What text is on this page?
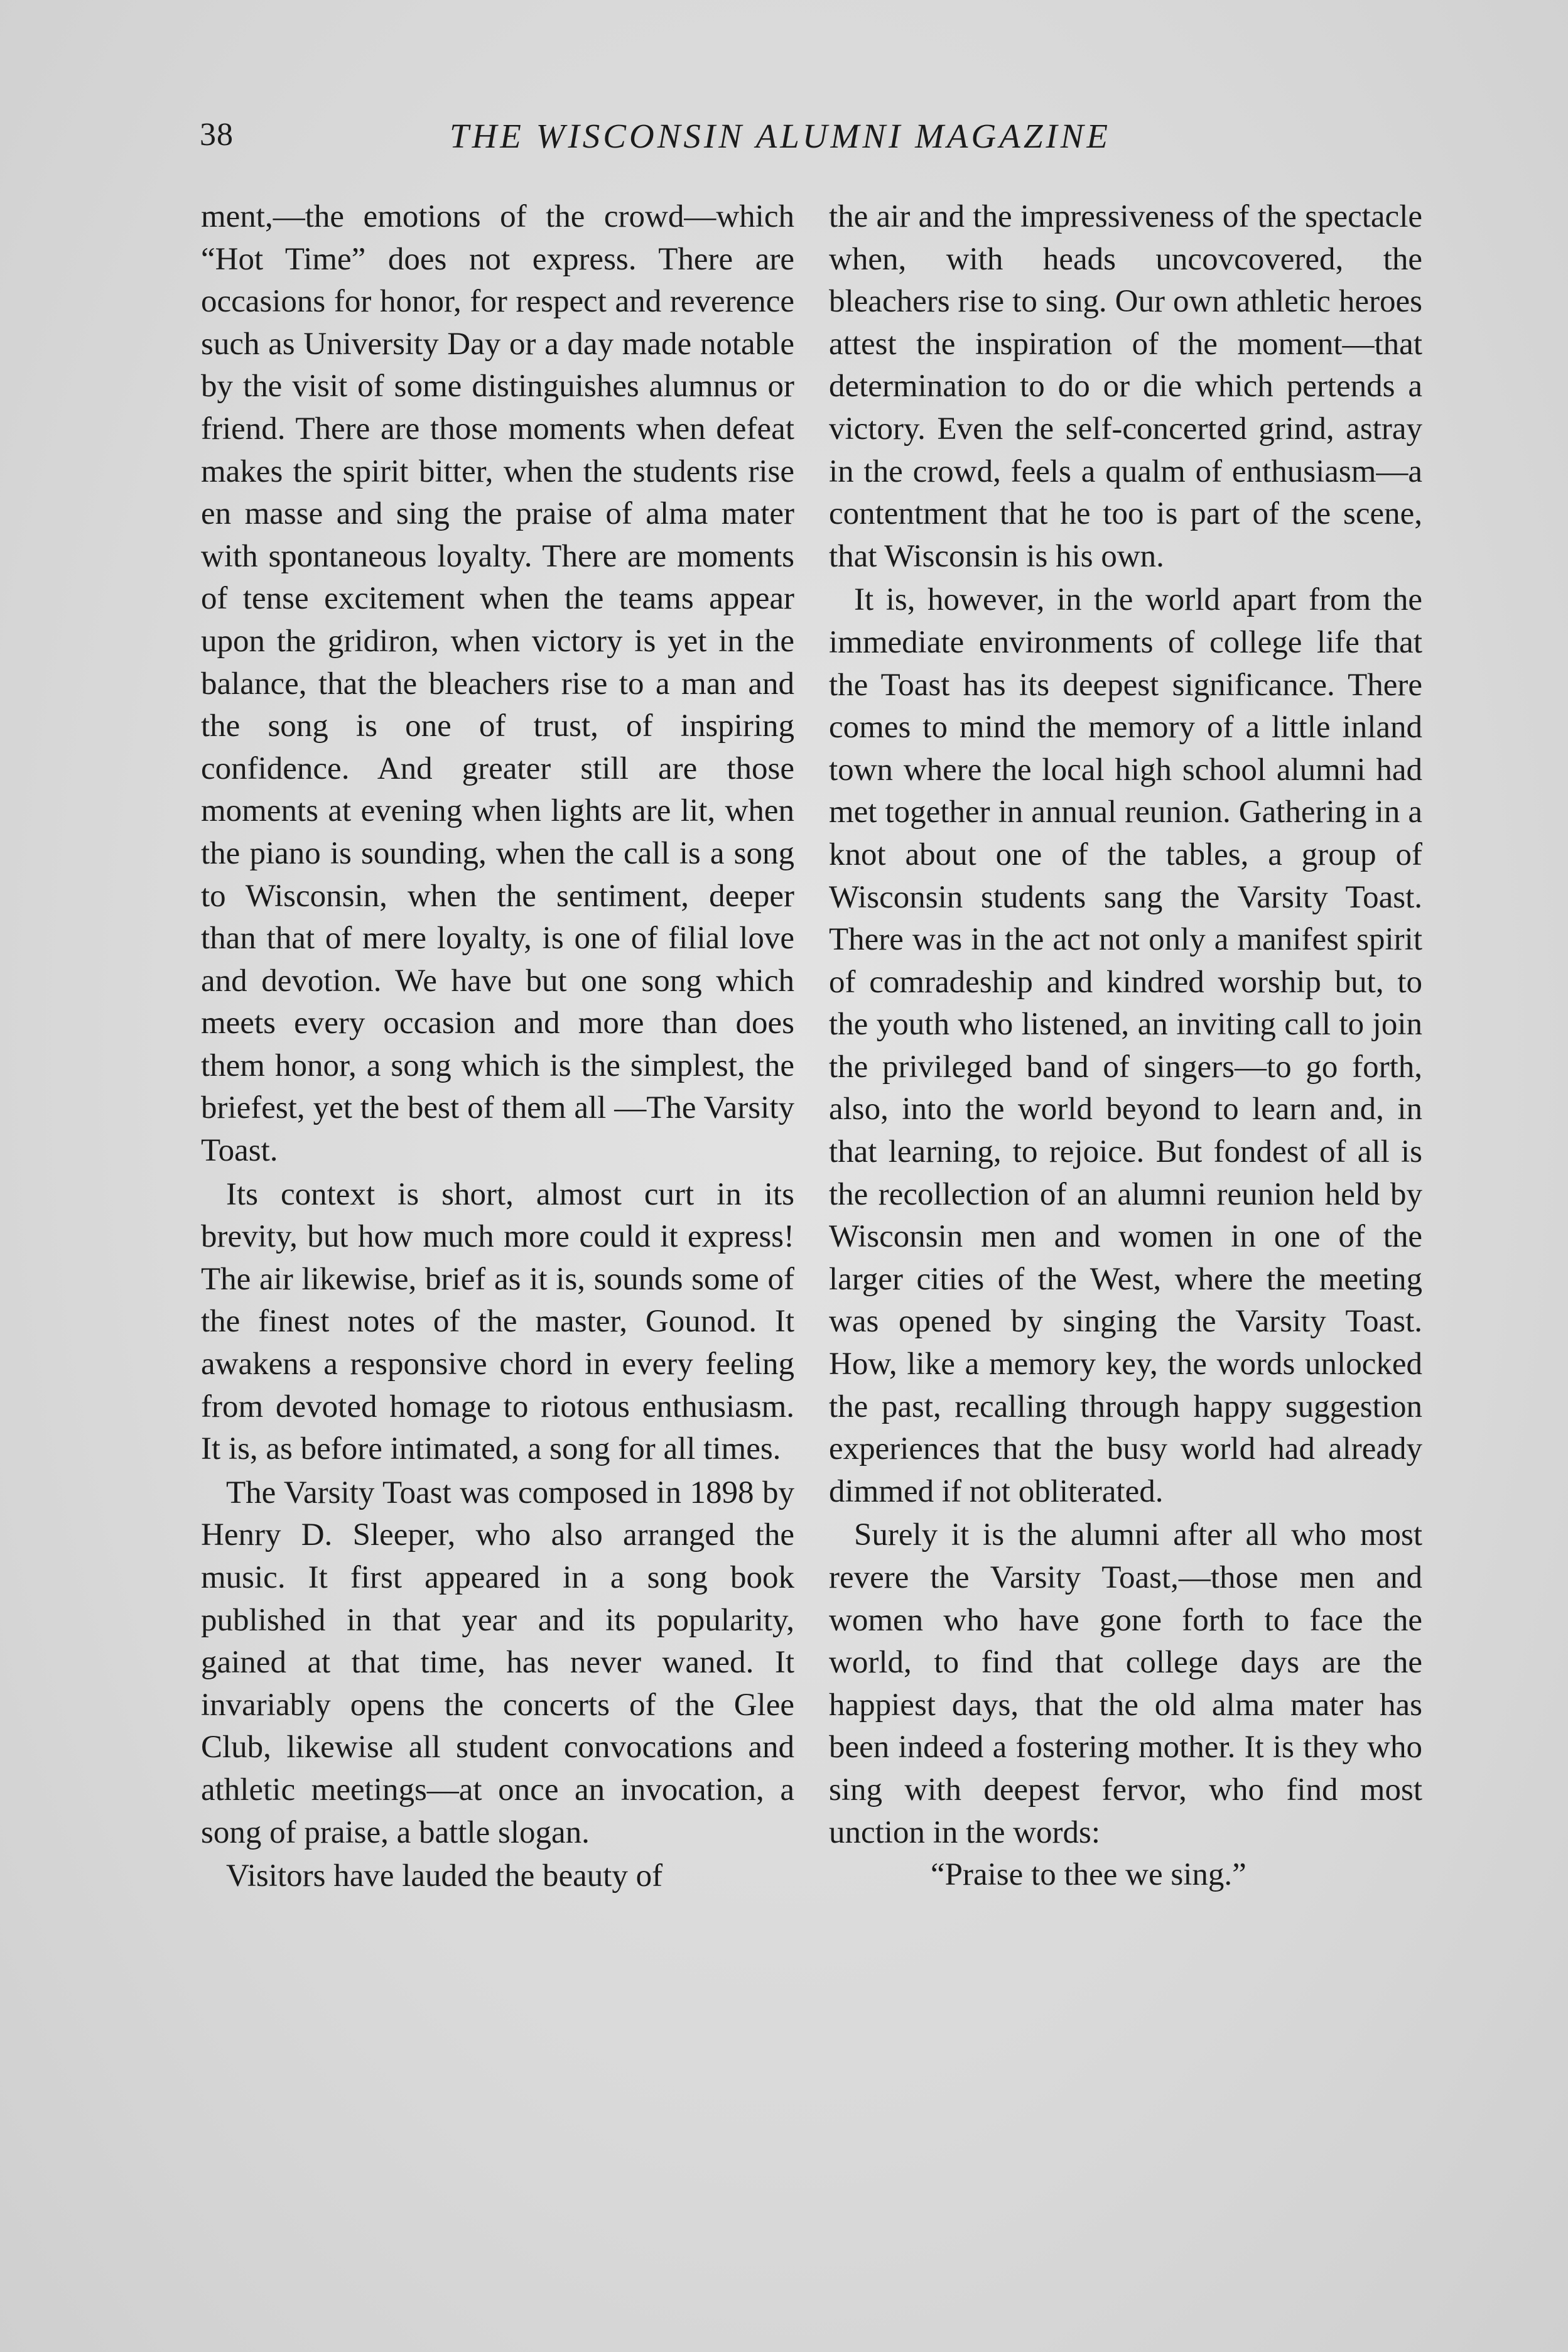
38	THE WISCONSIN ALUMNI MAGAZINE

ment,—the emotions of the crowd—which “Hot Time” does not express. There are occasions for honor, for respect and reverence such as University Day or a day made notable by the visit of some distinguishes alumnus or friend. There are those moments when defeat makes the spirit bitter, when the students rise en masse and sing the praise of alma mater with spontaneous loyalty. There are moments of tense excitement when the teams appear upon the gridiron, when victory is yet in the balance, that the bleachers rise to a man and the song is one of trust, of inspiring confidence. And greater still are those moments at evening when lights are lit, when the piano is sounding, when the call is a song to Wisconsin, when the sentiment, deeper than that of mere loyalty, is one of filial love and devotion. We have but one song which meets every occasion and more than does them honor, a song which is the simplest, the briefest, yet the best of them all —The Varsity Toast.

Its context is short, almost curt in its brevity, but how much more could it express! The air likewise, brief as it is, sounds some of the finest notes of the master, Gounod. It awakens a responsive chord in every feeling from devoted homage to riotous enthusiasm. It is, as before intimated, a song for all times.

The Varsity Toast was composed in 1898 by Henry D. Sleeper, who also arranged the music. It first appeared in a song book published in that year and its popularity, gained at that time, has never waned. It invariably opens the concerts of the Glee Club, likewise all student convocations and athletic meetings—at once an invocation, a song of praise, a battle slogan.

Visitors have lauded the beauty of

the air and the impressiveness of the spectacle when, with heads uncovcovered, the bleachers rise to sing. Our own athletic heroes attest the inspiration of the moment—that determination to do or die which pertends a victory. Even the self-concerted grind, astray in the crowd, feels a qualm of enthusiasm—a contentment that he too is part of the scene, that Wisconsin is his own.

It is, however, in the world apart from the immediate environments of college life that the Toast has its deepest significance. There comes to mind the memory of a little inland town where the local high school alumni had met together in annual reunion. Gathering in a knot about one of the tables, a group of Wisconsin students sang the Varsity Toast. There was in the act not only a manifest spirit of comradeship and kindred worship but, to the youth who listened, an inviting call to join the privileged band of singers—to go forth, also, into the world beyond to learn and, in that learning, to rejoice. But fondest of all is the recollection of an alumni reunion held by Wisconsin men and women in one of the larger cities of the West, where the meeting was opened by singing the Varsity Toast. How, like a memory key, the words unlocked the past, recalling through happy suggestion experiences that the busy world had already dimmed if not obliterated.

Surely it is the alumni after all who most revere the Varsity Toast,—those men and women who have gone forth to face the world, to find that college days are the happiest days, that the old alma mater has been indeed a fostering mother. It is they who sing with deepest fervor, who find most unction in the words:

“Praise to thee we sing.”
